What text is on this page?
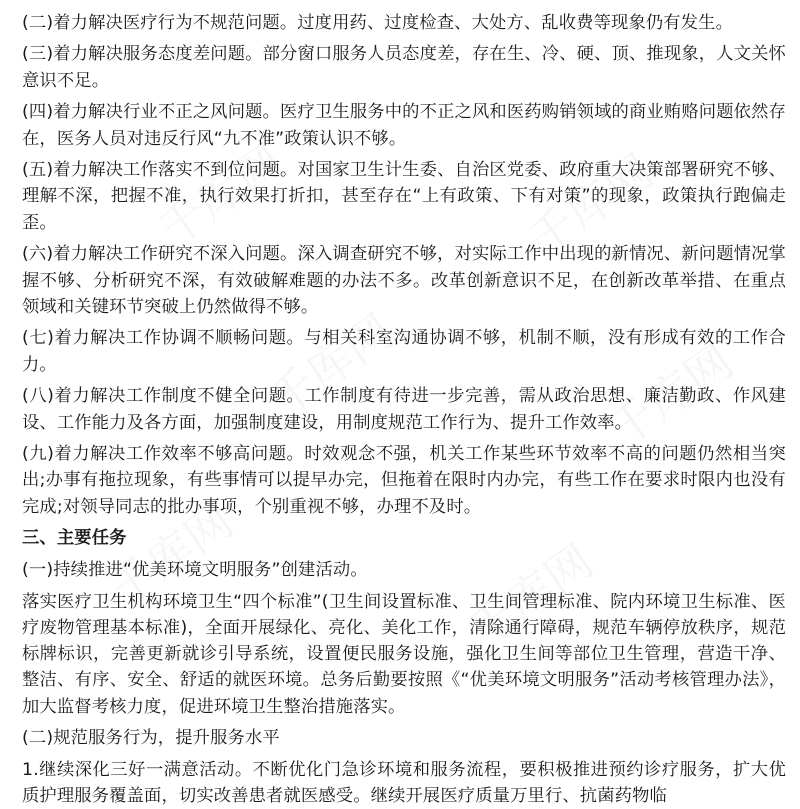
(二)着力解决医疗行为不规范问题。过度用药、过度检查、大处方、乱收费等现象仍有发生。

(三)着力解决服务态度差问题。部分窗口服务人员态度差，存在生、冷、硬、顶、推现象，人文关怀意识不足。

(四)着力解决行业不正之风问题。医疗卫生服务中的不正之风和医药购销领域的商业贿赂问题依然存在，医务人员对违反行风“九不准”政策认识不够。

(五)着力解决工作落实不到位问题。对国家卫生计生委、自治区党委、政府重大决策部署研究不够、理解不深，把握不准，执行效果打折扣，甚至存在“上有政策、下有对策”的现象，政策执行跑偏走歪。

(六)着力解决工作研究不深入问题。深入调查研究不够，对实际工作中出现的新情况、新问题情况掌握不够、分析研究不深，有效破解难题的办法不多。改革创新意识不足，在创新改革举措、在重点领域和关键环节突破上仍然做得不够。

(七)着力解决工作协调不顺畅问题。与相关科室沟通协调不够，机制不顺，没有形成有效的工作合力。

(八)着力解决工作制度不健全问题。工作制度有待进一步完善，需从政治思想、廉洁勤政、作风建设、工作能力及各方面，加强制度建设，用制度规范工作行为、提升工作效率。

(九)着力解决工作效率不够高问题。时效观念不强，机关工作某些环节效率不高的问题仍然相当突出;办事有拖拉现象，有些事情可以提早办完，但拖着在限时内办完，有些工作在要求时限内也没有完成;对领导同志的批办事项，个别重视不够，办理不及时。

三、主要任务

(一)持续推进“优美环境文明服务”创建活动。

落实医疗卫生机构环境卫生“四个标准”(卫生间设置标准、卫生间管理标准、院内环境卫生标准、医疗废物管理基本标准)，全面开展绿化、亮化、美化工作，清除通行障碍，规范车辆停放秩序，规范标牌标识，完善更新就诊引导系统，设置便民服务设施，强化卫生间等部位卫生管理，营造干净、整洁、有序、安全、舒适的就医环境。总务后勤要按照《“优美环境文明服务”活动考核管理办法》，加大监督考核力度，促进环境卫生整治措施落实。

(二)规范服务行为，提升服务水平

1.继续深化三好一满意活动。不断优化门急诊环境和服务流程，要积极推进预约诊疗服务，扩大优质护理服务覆盖面，切实改善患者就医感受。继续开展医疗质量万里行、抗菌药物临
